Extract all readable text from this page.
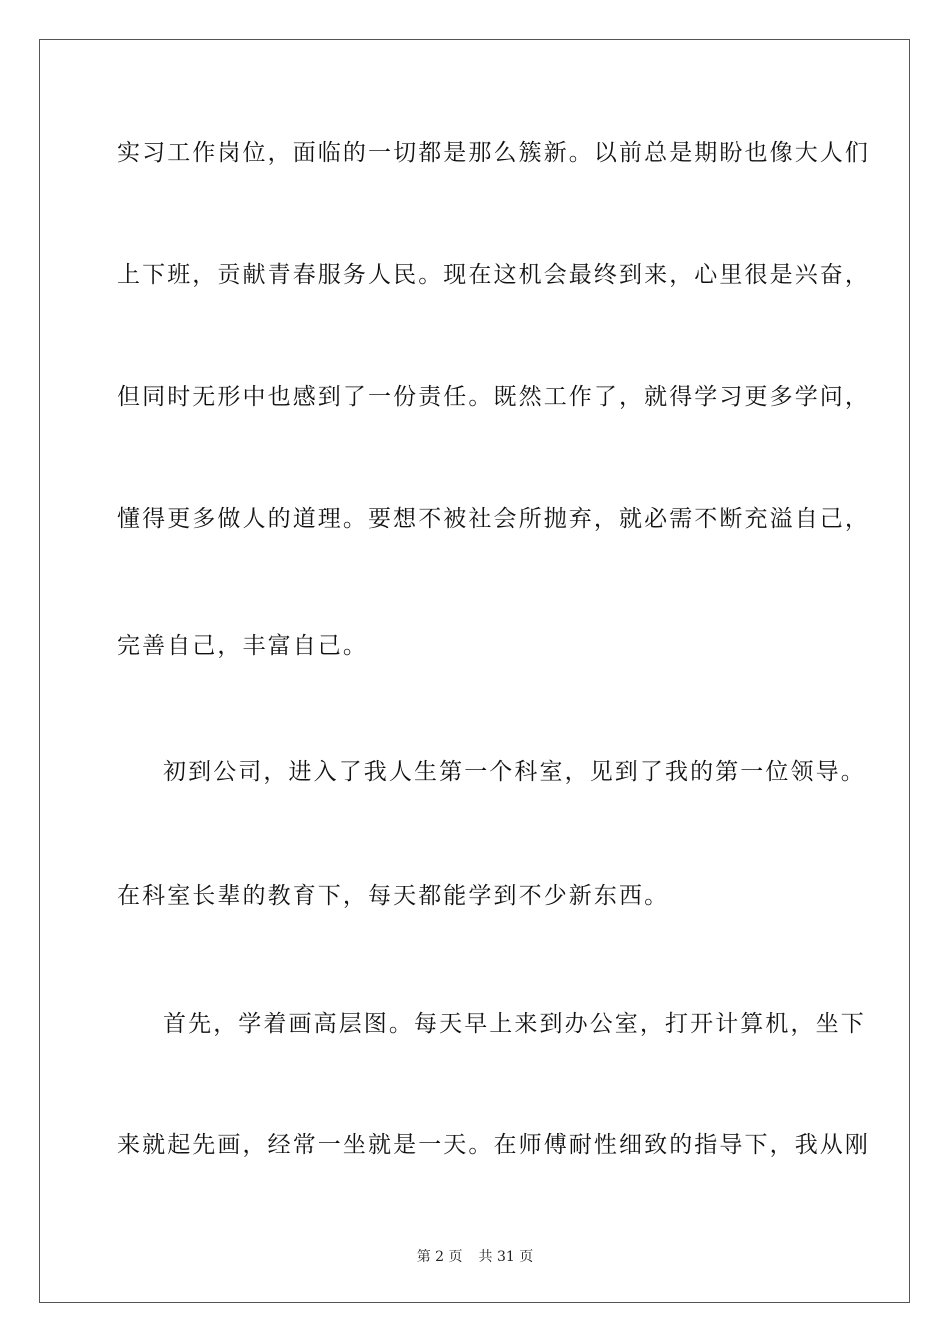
实习工作岗位，面临的一切都是那么簇新。以前总是期盼也像大人们
上下班，贡献青春服务人民。现在这机会最终到来，心里很是兴奋，
但同时无形中也感到了一份责任。既然工作了，就得学习更多学问，
懂得更多做人的道理。要想不被社会所抛弃，就必需不断充溢自己，
完善自己，丰富自己。
初到公司，进入了我人生第一个科室，见到了我的第一位领导。
在科室长辈的教育下，每天都能学到不少新东西。
首先，学着画高层图。每天早上来到办公室，打开计算机，坐下
来就起先画，经常一坐就是一天。在师傅耐性细致的指导下，我从刚
第 2 页 共 31 页
